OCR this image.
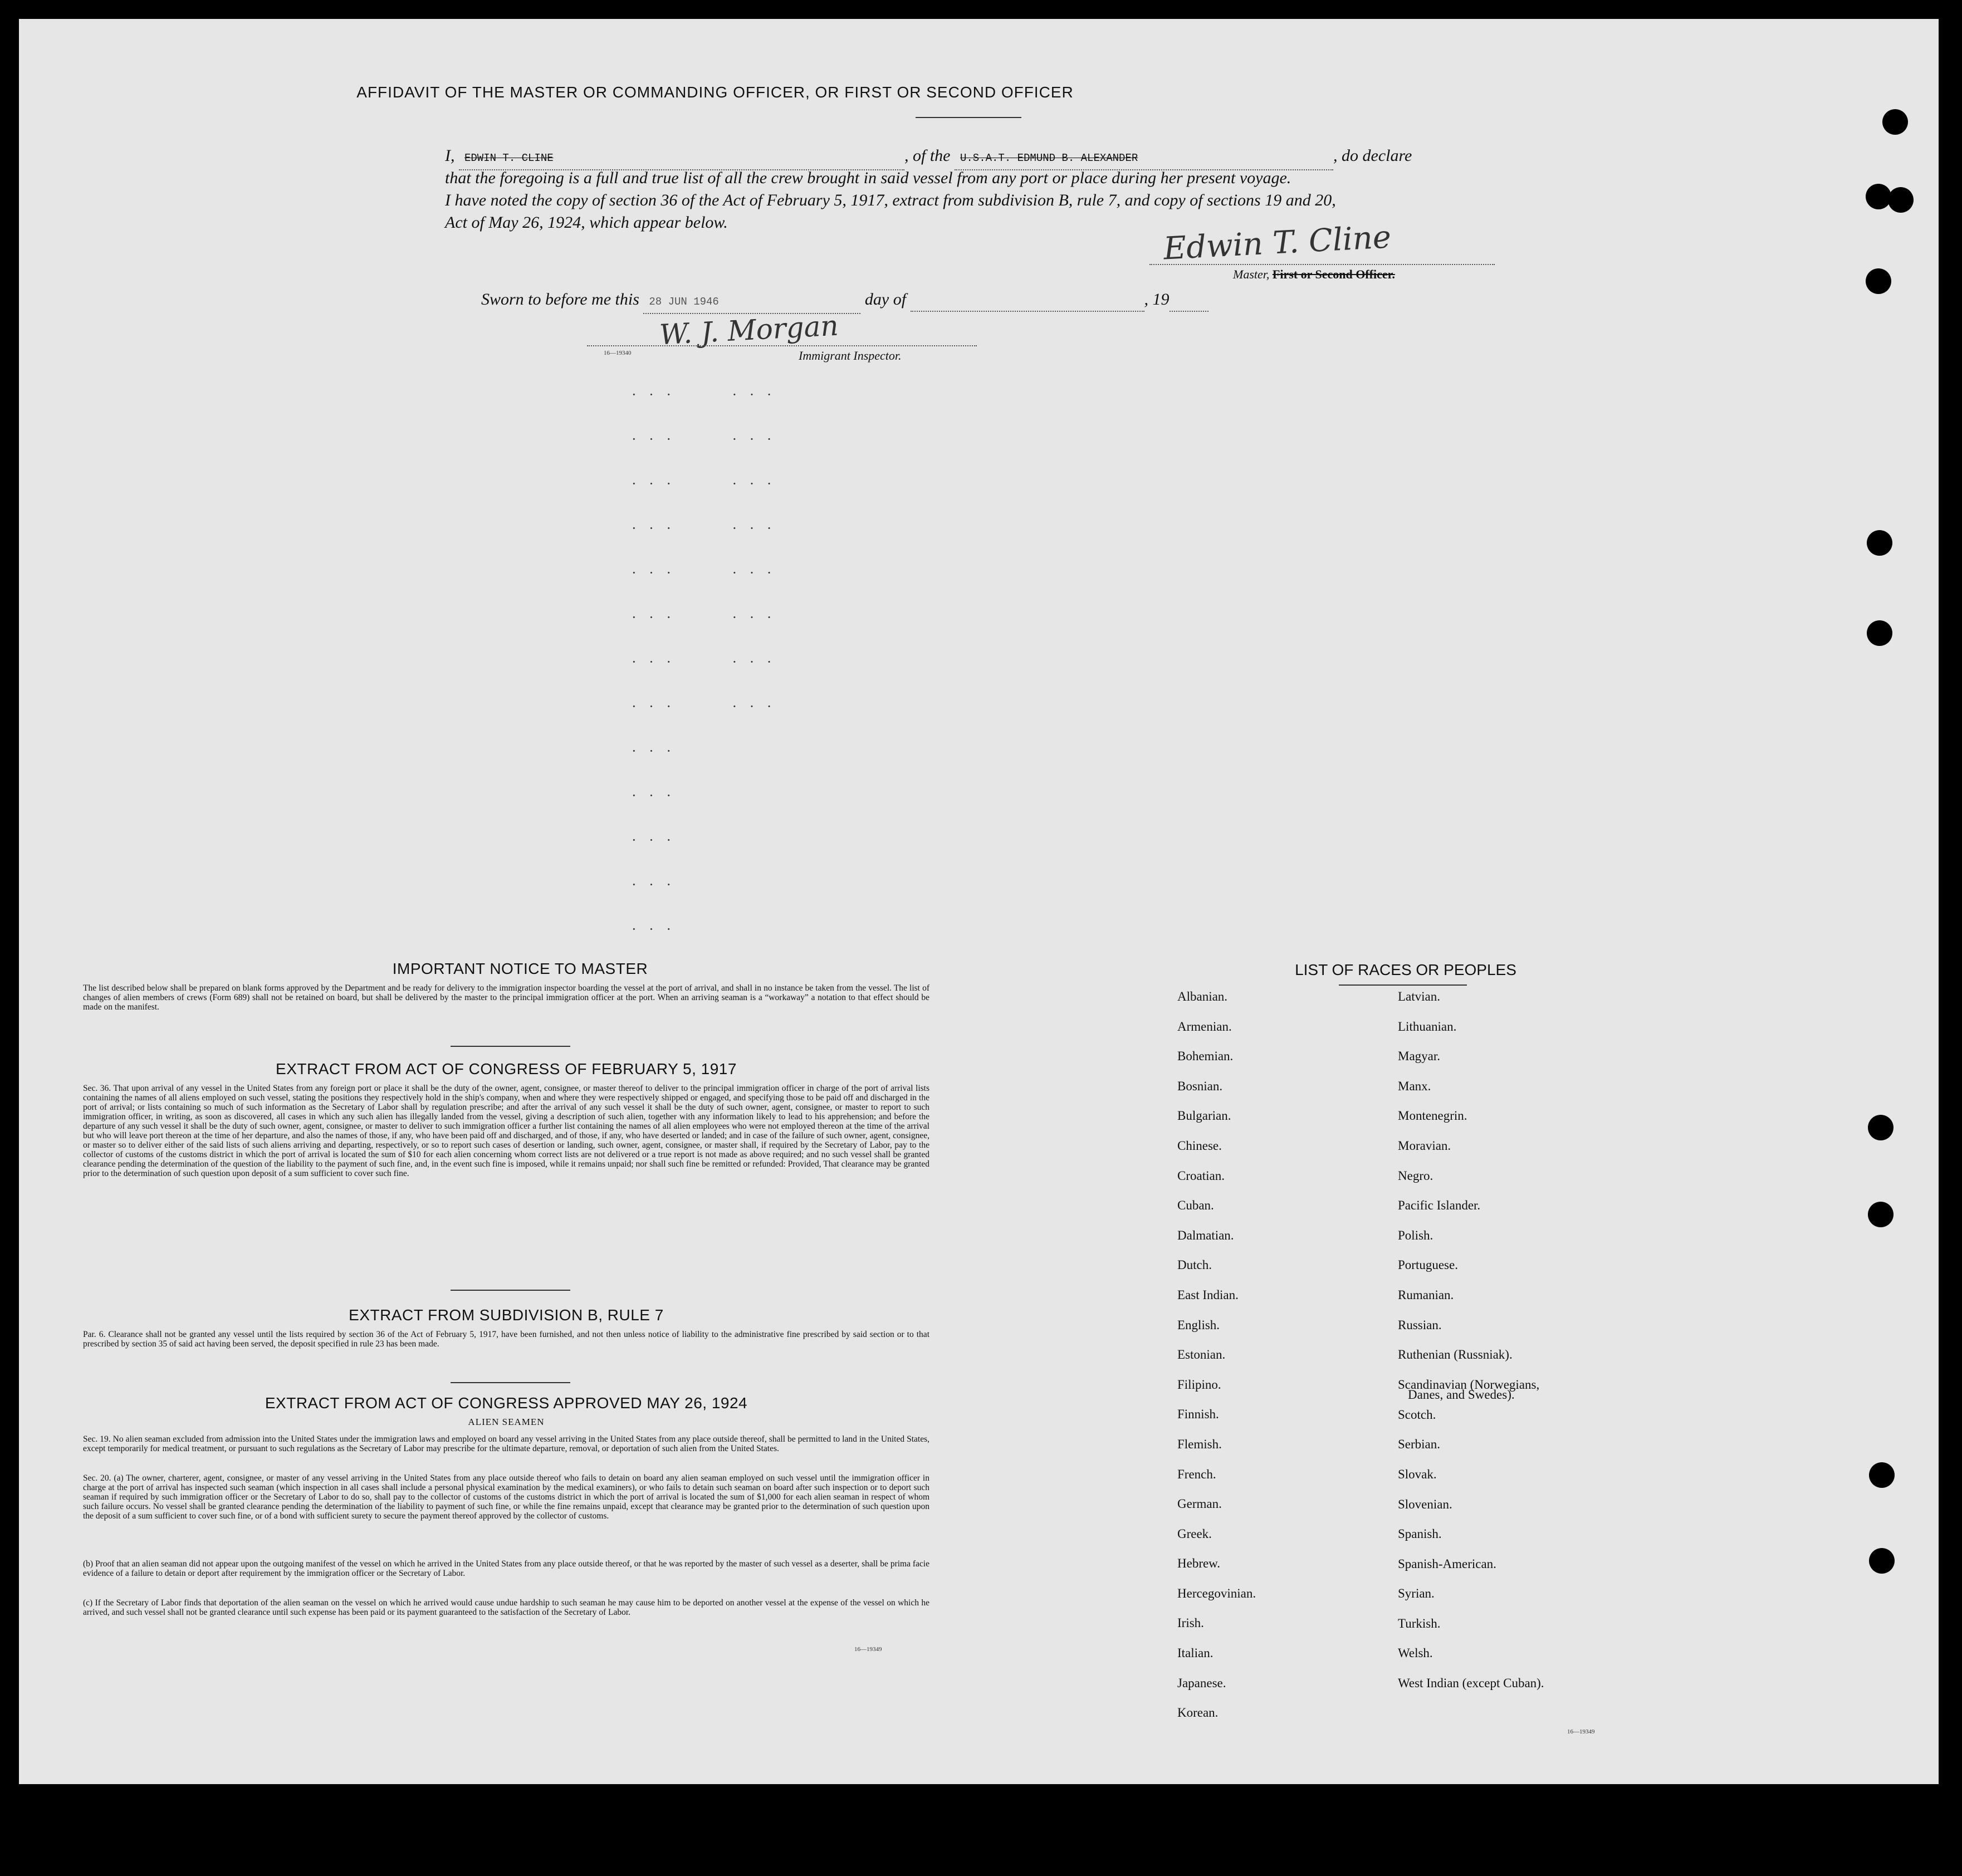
AFFIDAVIT OF THE MASTER OR COMMANDING OFFICER, OR FIRST OR SECOND OFFICER
I, EDWIN T. CLINE	, of the U.S.A.T. EDMUND B. ALEXANDER	, do declare
that the foregoing is a full and true list of all the crew brought in said vessel from any port or place during her present voyage.
I have noted the copy of section 36 of the Act of February 5, 1917, extract from subdivision B, rule 7, and copy of sections 19 and 20,
Act of May 26, 1924, which appear below.	Edwin T. Cline
Master, First or Second Officer.
Sworn to before me this 28 JUN 1946	day of	, 19
W. J. Morgan
16—19340	Immigrant Inspector.
· · ·       · · ·
· · ·       · · ·
· · ·       · · ·
· · ·       · · ·
· · ·       · · ·
· · ·       · · ·
· · ·       · · ·
· · ·       · · ·
· · ·
· · ·
· · ·
· · ·
· · ·
IMPORTANT NOTICE TO MASTER
The list described below shall be prepared on blank forms approved by the Department and be ready for delivery to the immigration inspector boarding the vessel at the port of arrival, and shall in no instance be taken from the vessel. The list of changes of alien members of crews (Form 689) shall not be retained on board, but shall be delivered by the master to the principal immigration officer at the port. When an arriving seaman is a “workaway” a notation to that effect should be made on the manifest.
EXTRACT FROM ACT OF CONGRESS OF FEBRUARY 5, 1917
Sec. 36. That upon arrival of any vessel in the United States from any foreign port or place it shall be the duty of the owner, agent, consignee, or master thereof to deliver to the principal immigration officer in charge of the port of arrival lists containing the names of all aliens employed on such vessel, stating the positions they respectively hold in the ship's company, when and where they were respectively shipped or engaged, and specifying those to be paid off and discharged in the port of arrival; or lists containing so much of such information as the Secretary of Labor shall by regulation prescribe; and after the arrival of any such vessel it shall be the duty of such owner, agent, consignee, or master to report to such immigration officer, in writing, as soon as discovered, all cases in which any such alien has illegally landed from the vessel, giving a description of such alien, together with any information likely to lead to his apprehension; and before the departure of any such vessel it shall be the duty of such owner, agent, consignee, or master to deliver to such immigration officer a further list containing the names of all alien employees who were not employed thereon at the time of the arrival but who will leave port thereon at the time of her departure, and also the names of those, if any, who have been paid off and discharged, and of those, if any, who have deserted or landed; and in case of the failure of such owner, agent, consignee, or master so to deliver either of the said lists of such aliens arriving and departing, respectively, or so to report such cases of desertion or landing, such owner, agent, consignee, or master shall, if required by the Secretary of Labor, pay to the collector of customs of the customs district in which the port of arrival is located the sum of $10 for each alien concerning whom correct lists are not delivered or a true report is not made as above required; and no such vessel shall be granted clearance pending the determination of the question of the liability to the payment of such fine, and, in the event such fine is imposed, while it remains unpaid; nor shall such fine be remitted or refunded: Provided, That clearance may be granted prior to the determination of such question upon deposit of a sum sufficient to cover such fine.
EXTRACT FROM SUBDIVISION B, RULE 7
Par. 6. Clearance shall not be granted any vessel until the lists required by section 36 of the Act of February 5, 1917, have been furnished, and not then unless notice of liability to the administrative fine prescribed by said section or to that prescribed by section 35 of said act having been served, the deposit specified in rule 23 has been made.
EXTRACT FROM ACT OF CONGRESS APPROVED MAY 26, 1924
ALIEN SEAMEN
Sec. 19. No alien seaman excluded from admission into the United States under the immigration laws and employed on board any vessel arriving in the United States from any place outside thereof, shall be permitted to land in the United States, except temporarily for medical treatment, or pursuant to such regulations as the Secretary of Labor may prescribe for the ultimate departure, removal, or deportation of such alien from the United States.
Sec. 20. (a) The owner, charterer, agent, consignee, or master of any vessel arriving in the United States from any place outside thereof who fails to detain on board any alien seaman employed on such vessel until the immigration officer in charge at the port of arrival has inspected such seaman (which inspection in all cases shall include a personal physical examination by the medical examiners), or who fails to detain such seaman on board after such inspection or to deport such seaman if required by such immigration officer or the Secretary of Labor to do so, shall pay to the collector of customs of the customs district in which the port of arrival is located the sum of $1,000 for each alien seaman in respect of whom such failure occurs. No vessel shall be granted clearance pending the determination of the liability to payment of such fine, or while the fine remains unpaid, except that clearance may be granted prior to the determination of such question upon the deposit of a sum sufficient to cover such fine, or of a bond with sufficient surety to secure the payment thereof approved by the collector of customs.
(b) Proof that an alien seaman did not appear upon the outgoing manifest of the vessel on which he arrived in the United States from any place outside thereof, or that he was reported by the master of such vessel as a deserter, shall be prima facie evidence of a failure to detain or deport after requirement by the immigration officer or the Secretary of Labor.
(c) If the Secretary of Labor finds that deportation of the alien seaman on the vessel on which he arrived would cause undue hardship to such seaman he may cause him to be deported on another vessel at the expense of the vessel on which he arrived, and such vessel shall not be granted clearance until such expense has been paid or its payment guaranteed to the satisfaction of the Secretary of Labor.
16—19349
LIST OF RACES OR PEOPLES
Albanian.
Armenian.
Bohemian.
Bosnian.
Bulgarian.
Chinese.
Croatian.
Cuban.
Dalmatian.
Dutch.
East Indian.
English.
Estonian.
Filipino.
Finnish.
Flemish.
French.
German.
Greek.
Hebrew.
Hercegovinian.
Irish.
Italian.
Japanese.
Korean.
Latvian.
Lithuanian.
Magyar.
Manx.
Montenegrin.
Moravian.
Negro.
Pacific Islander.
Polish.
Portuguese.
Rumanian.
Russian.
Ruthenian (Russniak).
Scandinavian (Norwegians,
Danes, and Swedes).
Scotch.
Serbian.
Slovak.
Slovenian.
Spanish.
Spanish-American.
Syrian.
Turkish.
Welsh.
West Indian (except Cuban).
16—19349
